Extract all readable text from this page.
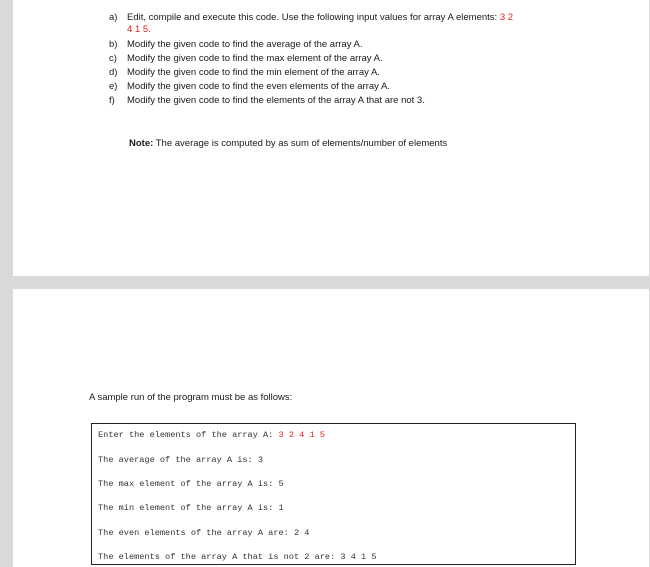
a) Edit, compile and execute this code. Use the following input values for array A elements: 3 2
4 1 5.
b) Modify the given code to find the average of the array A.
c) Modify the given code to find the max element of the array A.
d) Modify the given code to find the min element of the array A.
e) Modify the given code to find the even elements of the array A.
f) Modify the given code to find the elements of the array A that are not 3.
Note: The average is computed by as sum of elements/number of elements
A sample run of the program must be as follows:
Enter the elements of the array A: 3 2 4 1 5
The average of the array A is: 3
The max element of the array A is: 5
The min element of the array A is: 1
The even elements of the array A are: 2 4
The elements of the array A that is not 2 are: 3 4 1 5
